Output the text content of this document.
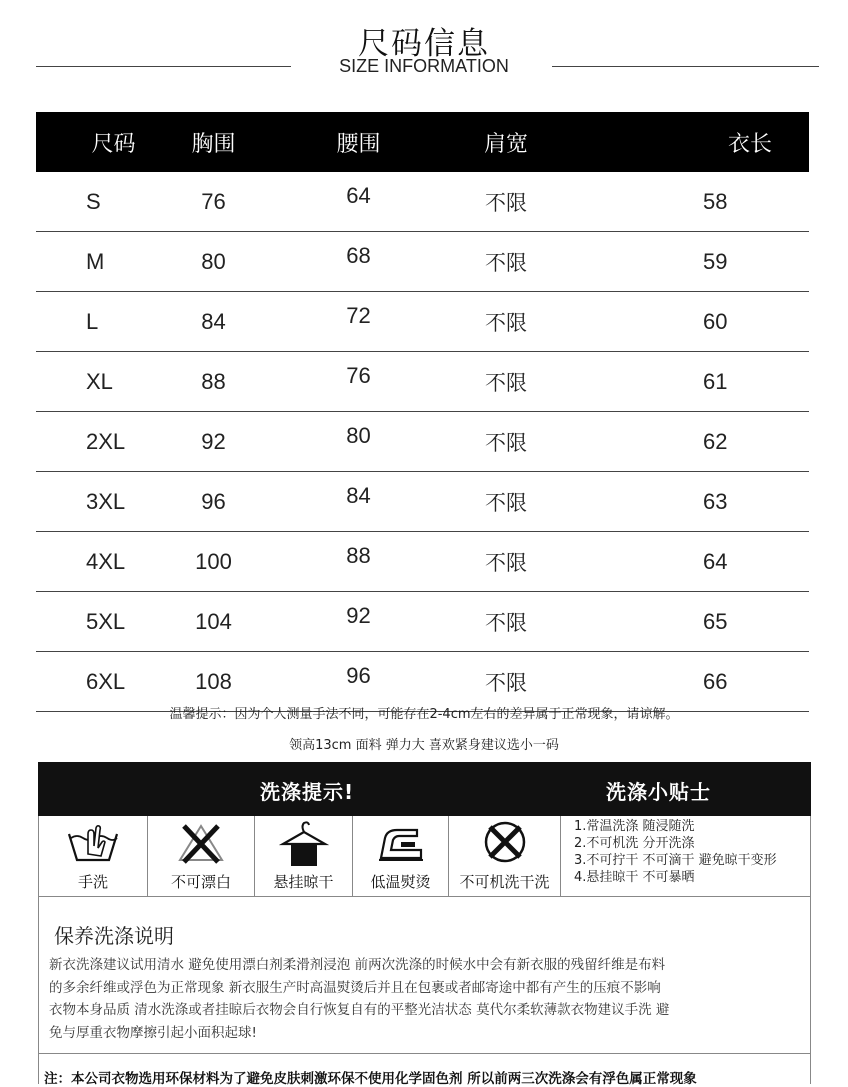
尺码信息
SIZE INFORMATION
尺码	胸围	腰围	肩宽	衣长
S	76	64	不限	58
M	80	68	不限	59
L	84	72	不限	60
XL	88	76	不限	61
2XL	92	80	不限	62
3XL	96	84	不限	63
4XL	100	88	不限	64
5XL	104	92	不限	65
6XL	108	96	不限	66
温馨提示：因为个人测量手法不同，可能存在2-4cm左右的差异属于正常现象，请谅解。
领高13cm 面料 弹力大 喜欢紧身建议选小一码
洗涤提示!	洗涤小贴士
手洗	不可漂白	悬挂晾干	低温熨烫	不可机洗干洗
1.常温洗涤 随浸随洗
2.不可机洗 分开洗涤
3.不可拧干 不可滴干 避免晾干变形
4.悬挂晾干 不可暴晒
保养洗涤说明
新衣洗涤建议试用清水 避免使用漂白剂柔滑剂浸泡 前两次洗涤的时候水中会有新衣服的残留纤维是布料
的多余纤维或浮色为正常现象 新衣服生产时高温熨烫后并且在包裹或者邮寄途中都有产生的压痕不影响
衣物本身品质 清水洗涤或者挂晾后衣物会自行恢复自有的平整光洁状态 莫代尔柔软薄款衣物建议手洗 避
免与厚重衣物摩擦引起小面积起球!
注：本公司衣物选用环保材料为了避免皮肤刺激环保不使用化学固色剂 所以前两三次洗涤会有浮色属正常现象
